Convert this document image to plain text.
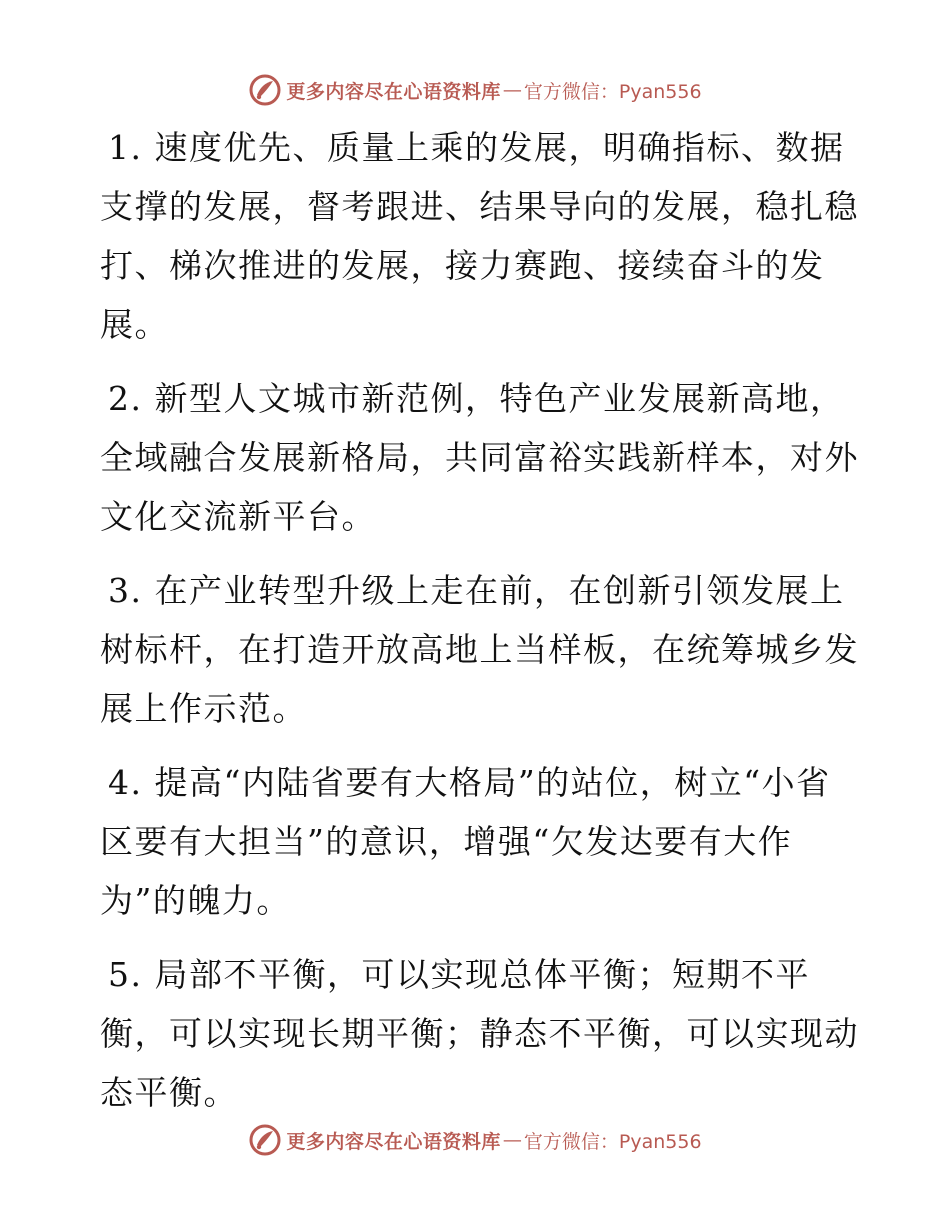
更多内容尽在心语资料库 — 官方微信：Pyan556

1. 速度优先、质量上乘的发展，明确指标、数据支撑的发展，督考跟进、结果导向的发展，稳扎稳打、梯次推进的发展，接力赛跑、接续奋斗的发展。

2. 新型人文城市新范例，特色产业发展新高地，全域融合发展新格局，共同富裕实践新样本，对外文化交流新平台。

3. 在产业转型升级上走在前，在创新引领发展上树标杆，在打造开放高地上当样板，在统筹城乡发展上作示范。

4. 提高“内陆省要有大格局”的站位，树立“小省区要有大担当”的意识，增强“欠发达要有大作为”的魄力。

5. 局部不平衡，可以实现总体平衡；短期不平衡，可以实现长期平衡；静态不平衡，可以实现动态平衡。

更多内容尽在心语资料库 — 官方微信：Pyan556
